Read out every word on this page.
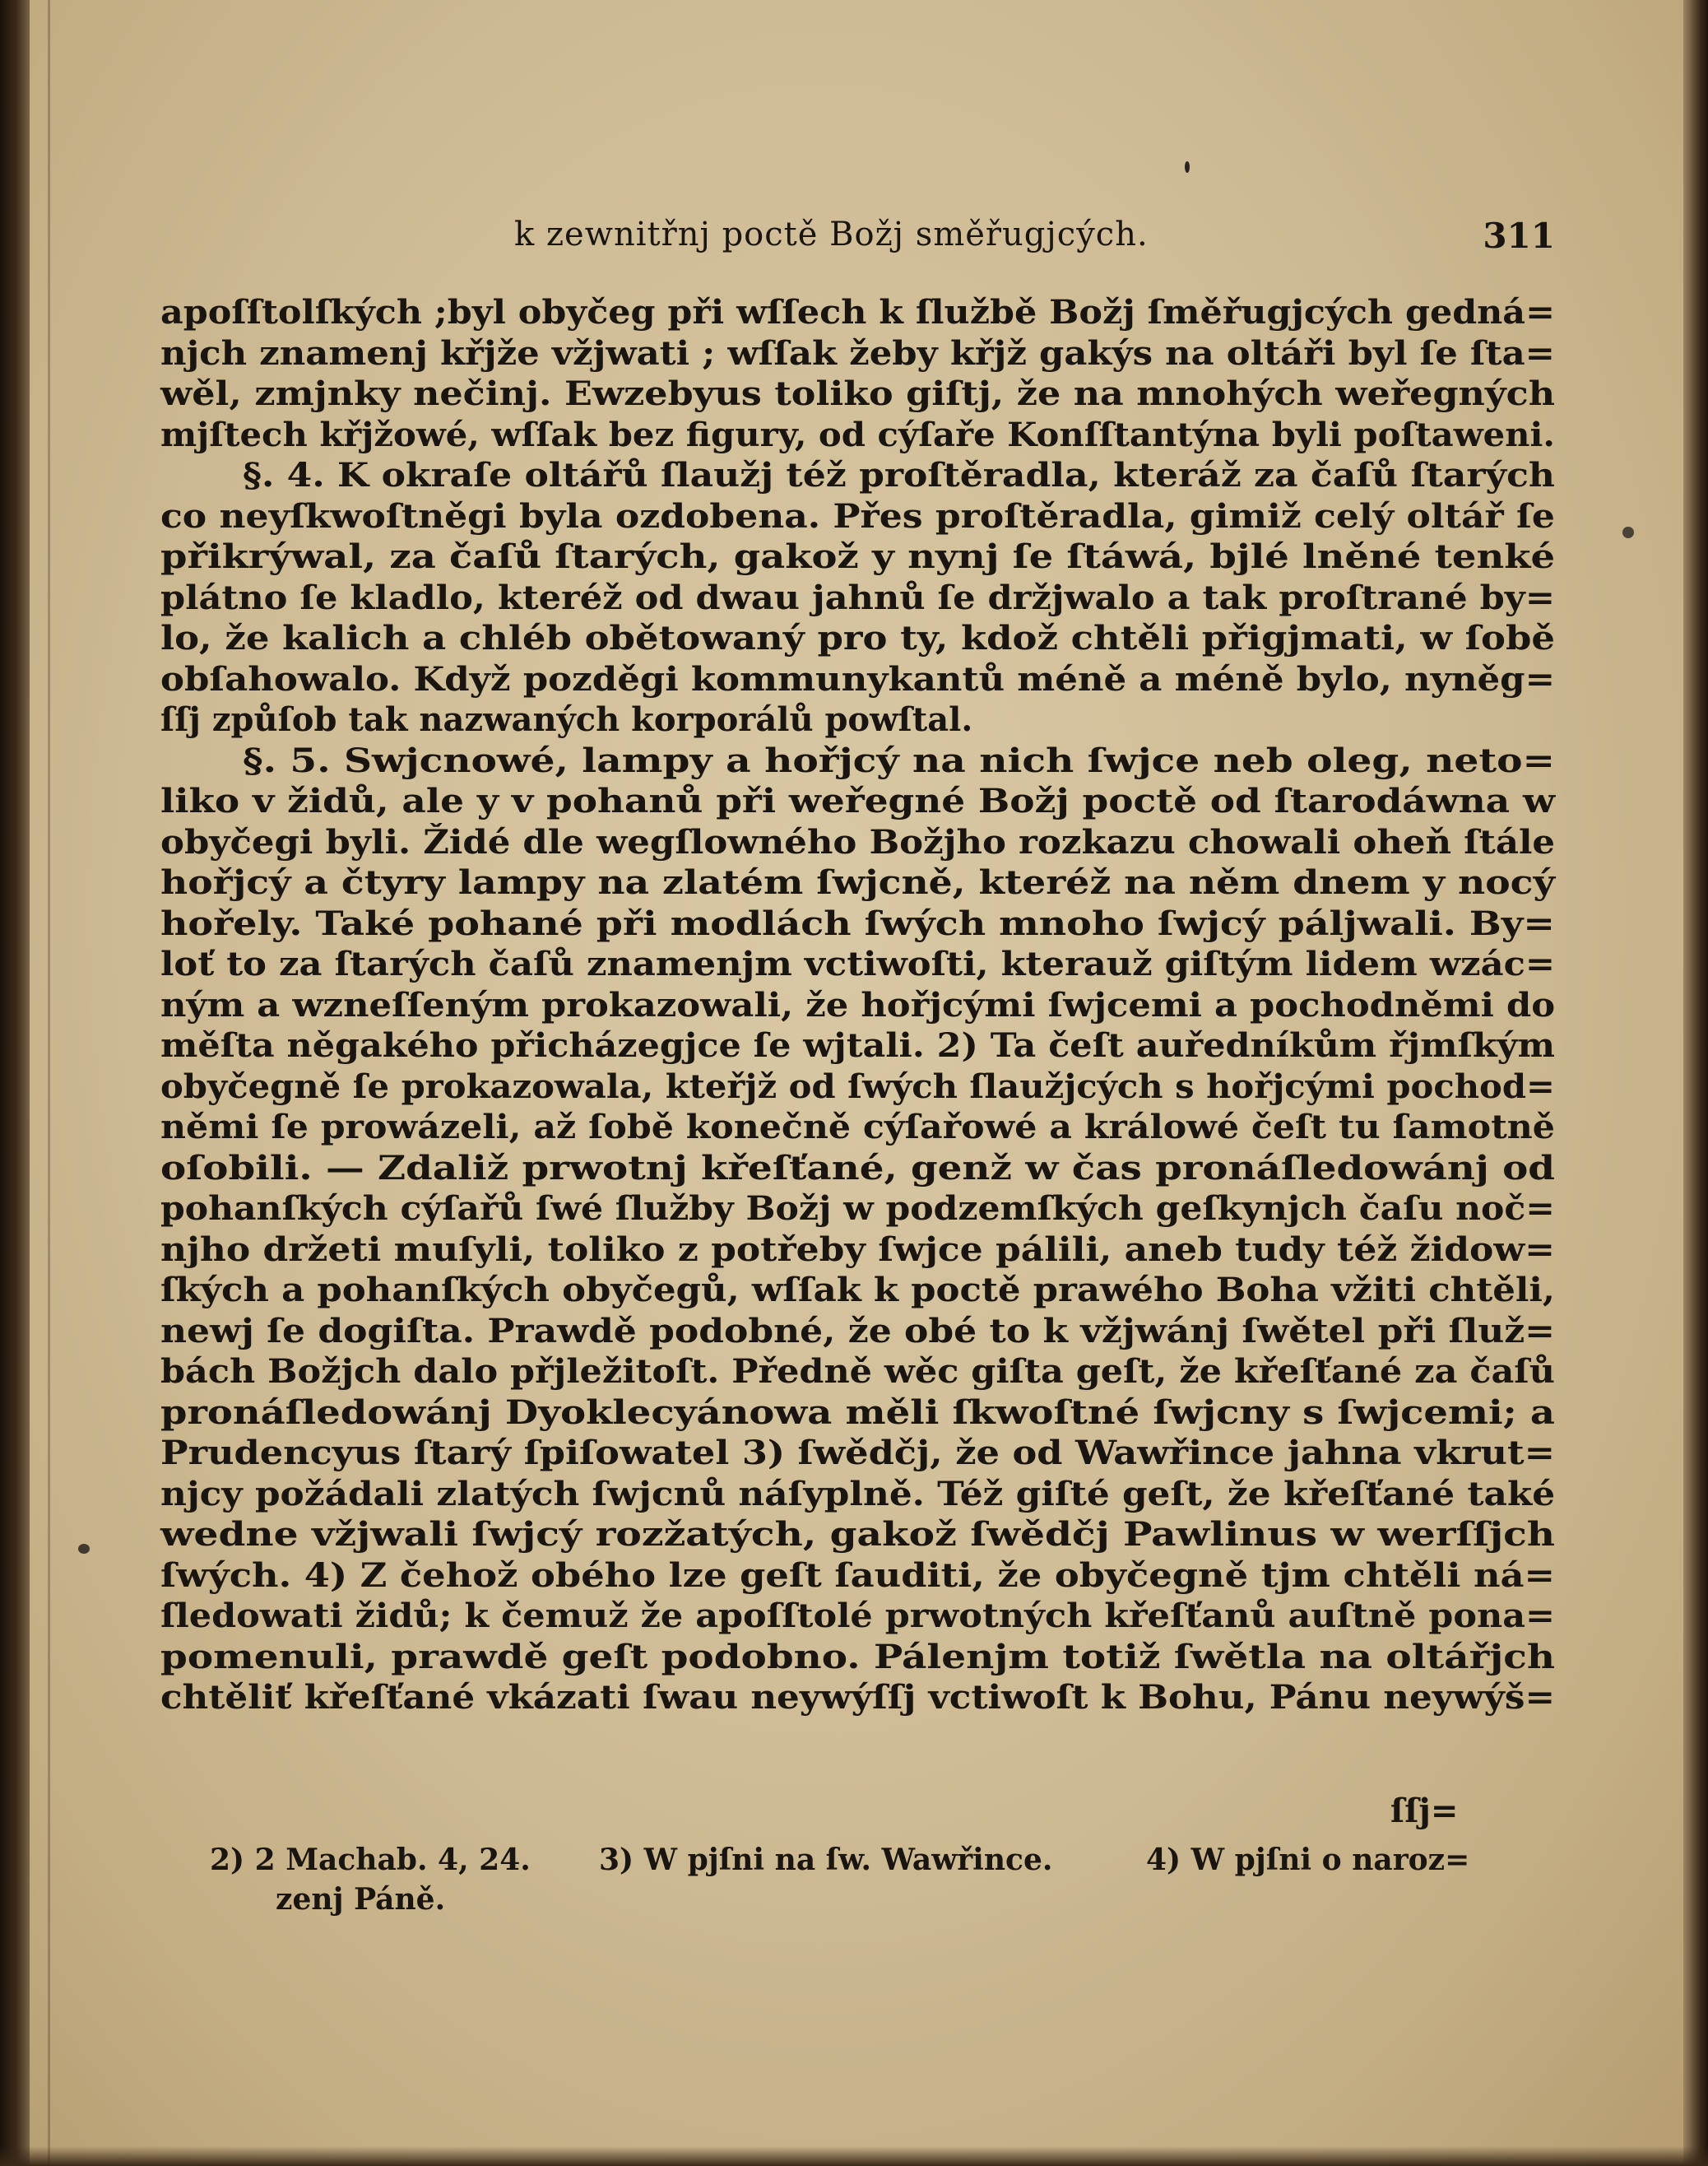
k zewnitřnj poctě Božj směřugjcých.	311
apoſſtolſkých ;byl obyčeg při wſſech k ſlužbě Božj ſměřugjcých gedná=
njch znamenj křjže vžjwati ; wſſak žeby křjž gakýs na oltáři byl ſe ſta=
wěl, zmjnky nečinj. Ewzebyus toliko giſtj, že na mnohých weřegných
mjſtech křjžowé, wſſak bez figury, od cýſaře Konſſtantýna byli poſtaweni.
§. 4. K okraſe oltářů ſlaužj též proſtěradla, kteráž za čaſů ſtarých
co neyſkwoſtněgi byla ozdobena. Přes proſtěradla, gimiž celý oltář ſe
přikrýwal, za čaſů ſtarých, gakož y nynj ſe ſtáwá, bjlé lněné tenké
plátno ſe kladlo, kteréž od dwau jahnů ſe držjwalo a tak proſtrané by=
lo, že kalich a chléb obětowaný pro ty, kdož chtěli přigjmati, w ſobě
obſahowalo. Když pozděgi kommunykantů méně a méně bylo, nyněg=
ſſj způſob tak nazwaných korporálů powſtal.
§. 5. Swjcnowé, lampy a hořjcý na nich ſwjce neb oleg, neto=
liko v židů, ale y v pohanů při weřegné Božj poctě od ſtarodáwna w
obyčegi byli. Židé dle wegſlowného Božjho rozkazu chowali oheň ſtále
hořjcý a čtyry lampy na zlatém ſwjcně, kteréž na něm dnem y nocý
hořely. Také pohané při modlách ſwých mnoho ſwjcý páljwali. By=
loť to za ſtarých čaſů znamenjm vctiwoſti, kterauž giſtým lidem wzác=
ným a wzneſſeným prokazowali, že hořjcými ſwjcemi a pochodněmi do
měſta něgakého přicházegjce ſe wjtali. 2) Ta čeſt auředníkům řjmſkým
obyčegně ſe prokazowala, kteřjž od ſwých ſlaužjcých s hořjcými pochod=
němi ſe prowázeli, až ſobě konečně cýſařowé a králowé čeſt tu ſamotně
oſobili. — Zdaliž prwotnj křeſťané, genž w čas pronáſledowánj od
pohanſkých cýſařů ſwé ſlužby Božj w podzemſkých geſkynjch čaſu noč=
njho držeti muſyli, toliko z potřeby ſwjce pálili, aneb tudy též židow=
ſkých a pohanſkých obyčegů, wſſak k poctě prawého Boha vžiti chtěli,
newj ſe dogiſta. Prawdě podobné, že obé to k vžjwánj ſwětel při ſluž=
bách Božjch dalo přjležitoſt. Předně wěc giſta geſt, že křeſťané za čaſů
pronáſledowánj Dyoklecyánowa měli ſkwoſtné ſwjcny s ſwjcemi; a
Prudencyus ſtarý ſpiſowatel 3) ſwědčj, že od Wawřince jahna vkrut=
njcy požádali zlatých ſwjcnů náſyplně. Též giſté geſt, že křeſťané také
wedne vžjwali ſwjcý rozžatých, gakož ſwědčj Pawlinus w werſſjch
ſwých. 4) Z čehož obého lze geſt ſauditi, že obyčegně tjm chtěli ná=
ſledowati židů; k čemuž že apoſſtolé prwotných křeſťanů auſtně pona=
pomenuli, prawdě geſt podobno. Pálenjm totiž ſwětla na oltářjch
chtěliť křeſťané vkázati ſwau neywýſſj vctiwoſt k Bohu, Pánu neywýš=
ſſj=
2) 2 Machab. 4, 24. 3) W pjſni na ſw. Wawřince.	4) W pjſni o naroz=
zenj Páně.
